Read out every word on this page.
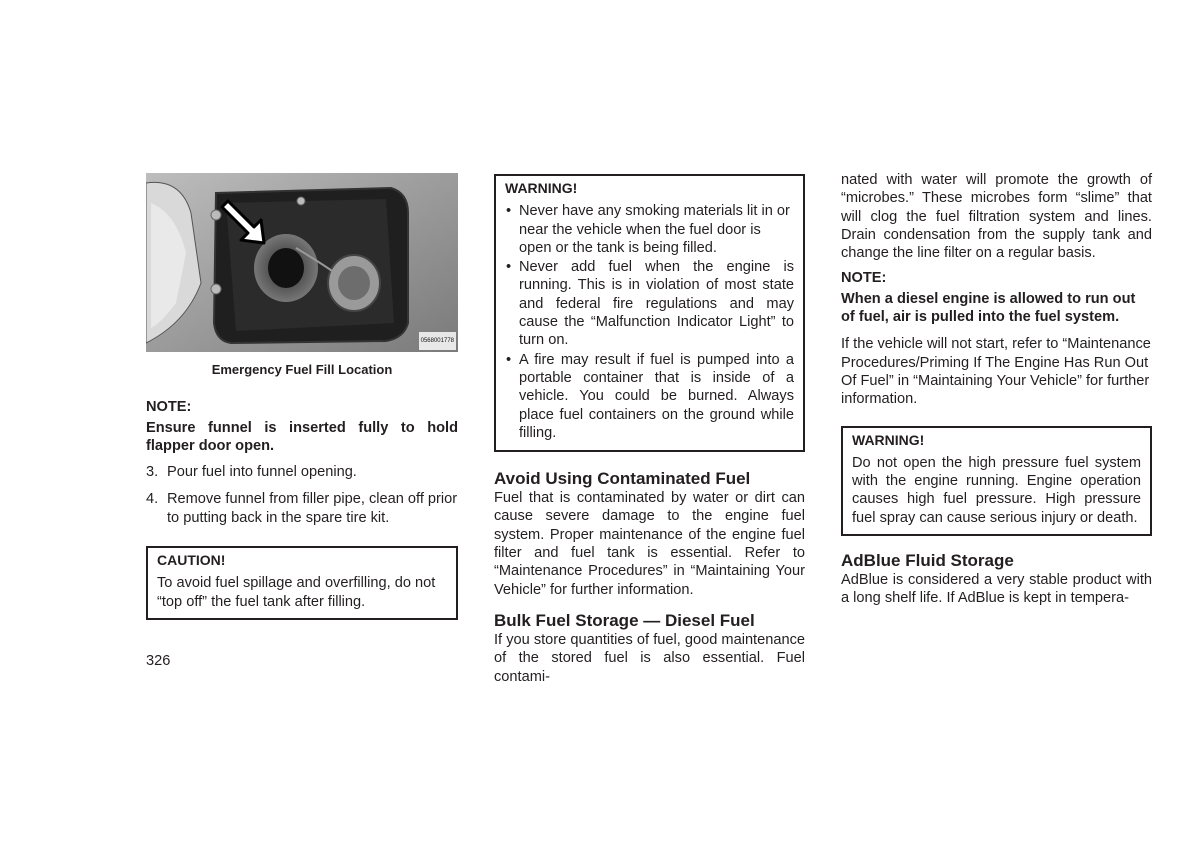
0568001778
Emergency Fuel Fill Location
NOTE:
Ensure funnel is inserted fully to hold flapper door open.
3. Pour fuel into funnel opening.
4. Remove funnel from filler pipe, clean off prior to putting back in the spare tire kit.
CAUTION!
To avoid fuel spillage and overfilling, do not “top off” the fuel tank after filling.
WARNING!
• Never have any smoking materials lit in or near the vehicle when the fuel door is open or the tank is being filled.
• Never add fuel when the engine is running. This is in violation of most state and federal fire regulations and may cause the “Malfunction Indicator Light” to turn on.
• A fire may result if fuel is pumped into a portable container that is inside of a vehicle. You could be burned. Always place fuel containers on the ground while filling.
Avoid Using Contaminated Fuel
Fuel that is contaminated by water or dirt can cause severe damage to the engine fuel system. Proper maintenance of the engine fuel filter and fuel tank is essential. Refer to “Maintenance Procedures” in “Maintaining Your Vehicle” for further information.
Bulk Fuel Storage — Diesel Fuel
If you store quantities of fuel, good maintenance of the stored fuel is also essential. Fuel contami-

nated with water will promote the growth of “microbes.” These microbes form “slime” that will clog the fuel filtration system and lines. Drain condensation from the supply tank and change the line filter on a regular basis.

NOTE:
When a diesel engine is allowed to run out of fuel, air is pulled into the fuel system.

If the vehicle will not start, refer to “Maintenance Procedures/Priming If The Engine Has Run Out Of Fuel” in “Maintaining Your Vehicle” for further information.

WARNING!
Do not open the high pressure fuel system with the engine running. Engine operation causes high fuel pressure. High pressure fuel spray can cause serious injury or death.
AdBlue Fluid Storage
AdBlue is considered a very stable product with a long shelf life. If AdBlue is kept in tempera-
326
